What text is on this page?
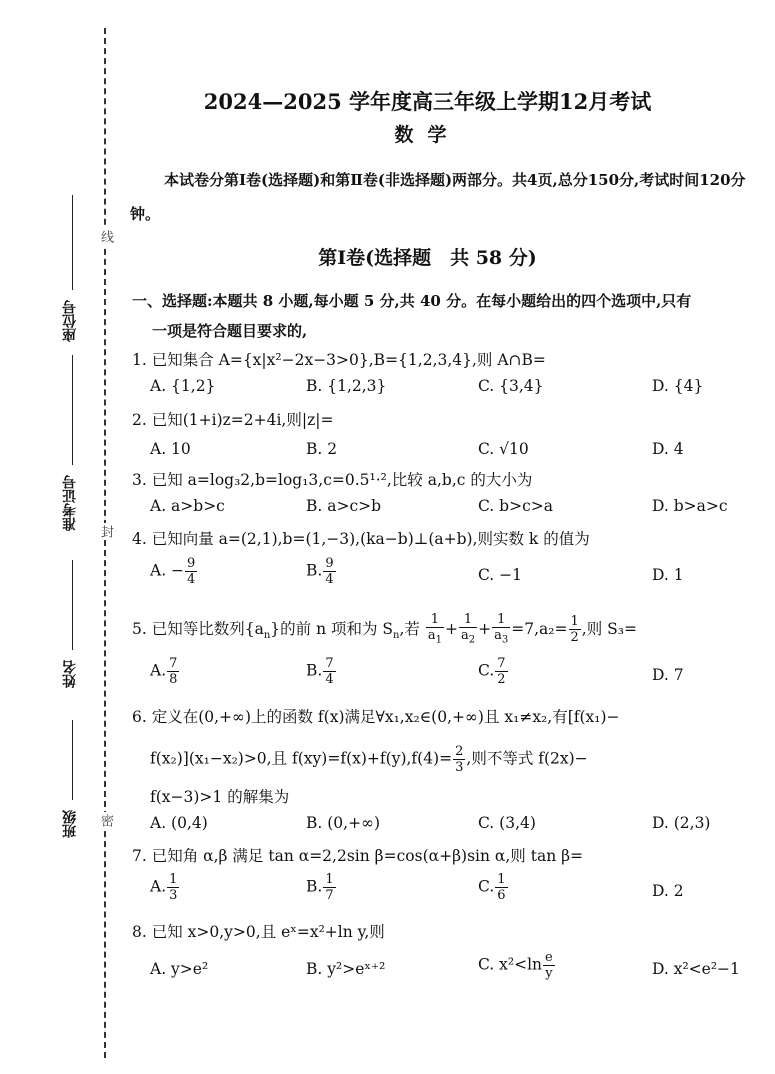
线
封
密
座位号
准考证号
姓名
班级
2024—2025 学年度高三年级上学期12月考试
数学
本试卷分第Ⅰ卷(选择题)和第Ⅱ卷(非选择题)两部分。共4页,总分150分,考试时间120分钟。
第Ⅰ卷(选择题　共 58 分)
一、选择题:本题共 8 小题,每小题 5 分,共 40 分。在每小题给出的四个选项中,只有
一项是符合题目要求的,
1. 已知集合 A={x|x²−2x−3>0},B={1,2,3,4},则 A∩B=
A. {1,2}	B. {1,2,3}	C. {3,4}	D. {4}
2. 已知(1+i)z=2+4i,则|z|=
A. 10	B. 2	C. √10	D. 4
3. 已知 a=log₃2,b=log₁3,c=0.5¹·²,比较 a,b,c 的大小为
A. a>b>c	B. a>c>b	C. b>c>a	D. b>a>c
4. 已知向量 a=(2,1),b=(1,−3),(ka−b)⊥(a+b),则实数 k 的值为
A. − $\frac{9}{4}$	B. $\frac{9}{4}$	C. −1	D. 1
5. 已知等比数列$\{a_n\}$的前 n 项和为 $S_n$,若 $\frac{1}{a_1} + \frac{1}{a_2} + \frac{1}{a_3} =7,a_2= \frac{1}{2}$ ,则 S₃=
A. $\frac{7}{8}$	B. $\frac{7}{4}$	C. $\frac{7}{2}$	D. 7
6. 定义在(0,+∞)上的函数 f(x)满足∀x₁,x₂∈(0,+∞)且 x₁≠x₂,有[f(x₁)−
f(x₂)](x₁−x₂)>0,且 $f(xy)=f(x)+f(y),f(4)= \frac{2}{3}$ ,则不等式 f(2x)−
f(x−3)>1 的解集为
A. (0,4)	B. (0,+∞)	C. (3,4)	D. (2,3)
7. 已知角 α,β 满足 tan α=2,2sin β=cos(α+β)sin α,则 tan β=
A. $\frac{1}{3}$	B. $\frac{1}{7}$	C. $\frac{1}{6}$	D. 2
8. 已知 x>0,y>0,且 eˣ=x²+ln y,则
A. y>e²	B. y²>eˣ⁺²	C. $x^2<\ln \frac{e}{y}$	D. x²<e²−1
